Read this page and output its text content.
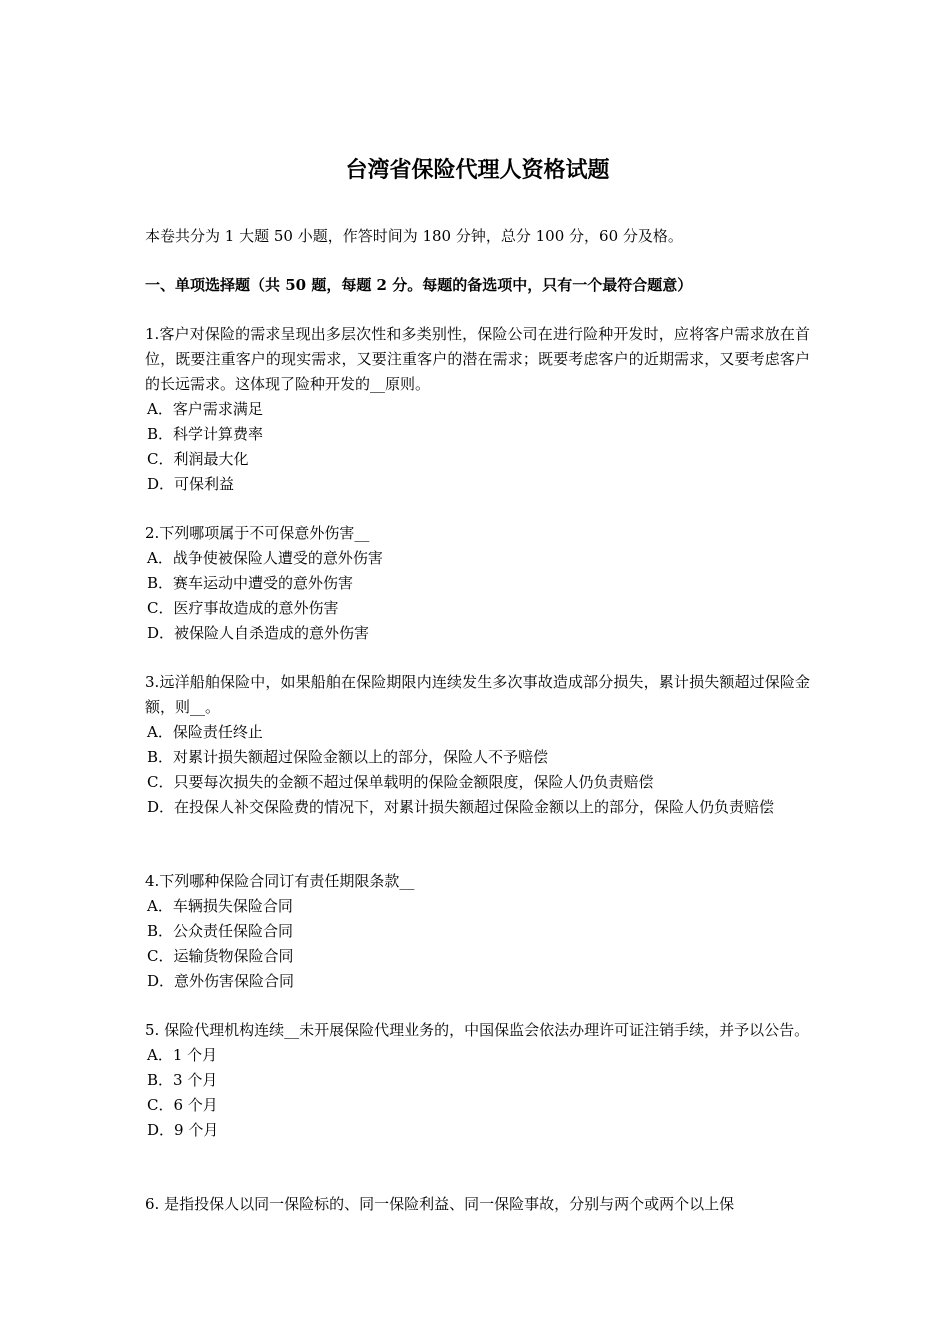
台湾省保险代理人资格试题
本卷共分为 1 大题 50 小题，作答时间为 180 分钟，总分 100 分，60 分及格。
一、单项选择题（共 50 题，每题 2 分。每题的备选项中，只有一个最符合题意）

1.客户对保险的需求呈现出多层次性和多类别性，保险公司在进行险种开发时，应将客户需求放在首位，既要注重客户的现实需求，又要注重客户的潜在需求；既要考虑客户的近期需求，又要考虑客户的长远需求。这体现了险种开发的__原则。

A．客户需求满足

B．科学计算费率

C．利润最大化

D．可保利益

2.下列哪项属于不可保意外伤害__

A．战争使被保险人遭受的意外伤害

B．赛车运动中遭受的意外伤害

C．医疗事故造成的意外伤害

D．被保险人自杀造成的意外伤害

3.远洋船舶保险中，如果船舶在保险期限内连续发生多次事故造成部分损失，累计损失额超过保险金额，则__。

A．保险责任终止

B．对累计损失额超过保险金额以上的部分，保险人不予赔偿

C．只要每次损失的金额不超过保单载明的保险金额限度，保险人仍负责赔偿

D．在投保人补交保险费的情况下，对累计损失额超过保险金额以上的部分，保险人仍负责赔偿

4.下列哪种保险合同订有责任期限条款__

A．车辆损失保险合同

B．公众责任保险合同

C．运输货物保险合同

D．意外伤害保险合同

5. 保险代理机构连续__未开展保险代理业务的，中国保监会依法办理许可证注销手续，并予以公告。

A．1 个月

B．3 个月

C．6 个月

D．9 个月

6. 是指投保人以同一保险标的、同一保险利益、同一保险事故，分别与两个或两个以上保
